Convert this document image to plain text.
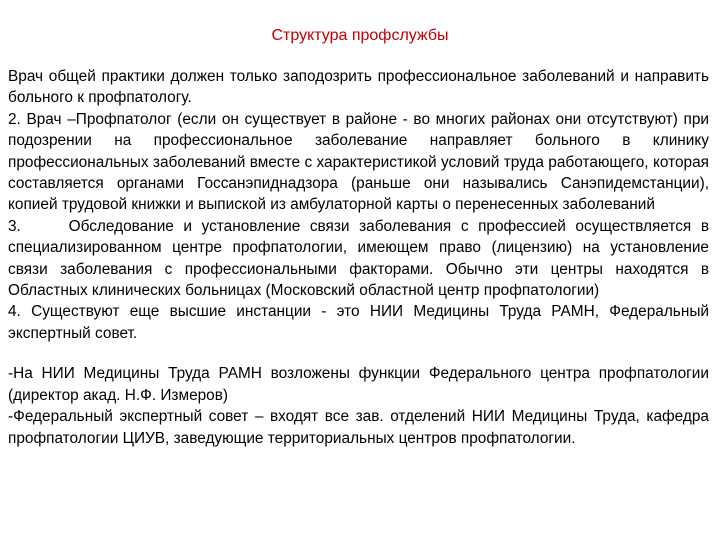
Структура профслужбы

Врач общей практики должен только заподозрить профессиональное заболеваний и направить больного к профпатологу.

2. Врач –Профпатолог (если он существует в районе - во многих районах они отсутствуют) при подозрении на профессиональное заболевание направляет больного в клинику профессиональных заболеваний вместе с характеристикой условий труда работающего, которая составляется органами Госсанэпиднадзора (раньше они назывались Санэпидемстанции), копией трудовой книжки и выпиской из амбулаторной карты о перенесенных заболеваний

3.     Обследование и установление связи заболевания с профессией осуществляется в специализированном центре профпатологии, имеющем право (лицензию) на установление связи заболевания с профессиональными факторами. Обычно эти центры находятся в Областных клинических больницах (Московский областной центр профпатологии)

4. Существуют еще высшие инстанции - это НИИ Медицины Труда РАМН, Федеральный экспертный совет.

-На НИИ Медицины Труда РАМН возложены функции Федерального центра профпатологии (директор акад. Н.Ф. Измеров)

-Федеральный экспертный совет – входят все зав. отделений НИИ Медицины Труда, кафедра профпатологии ЦИУВ, заведующие территориальных центров профпатологии.
